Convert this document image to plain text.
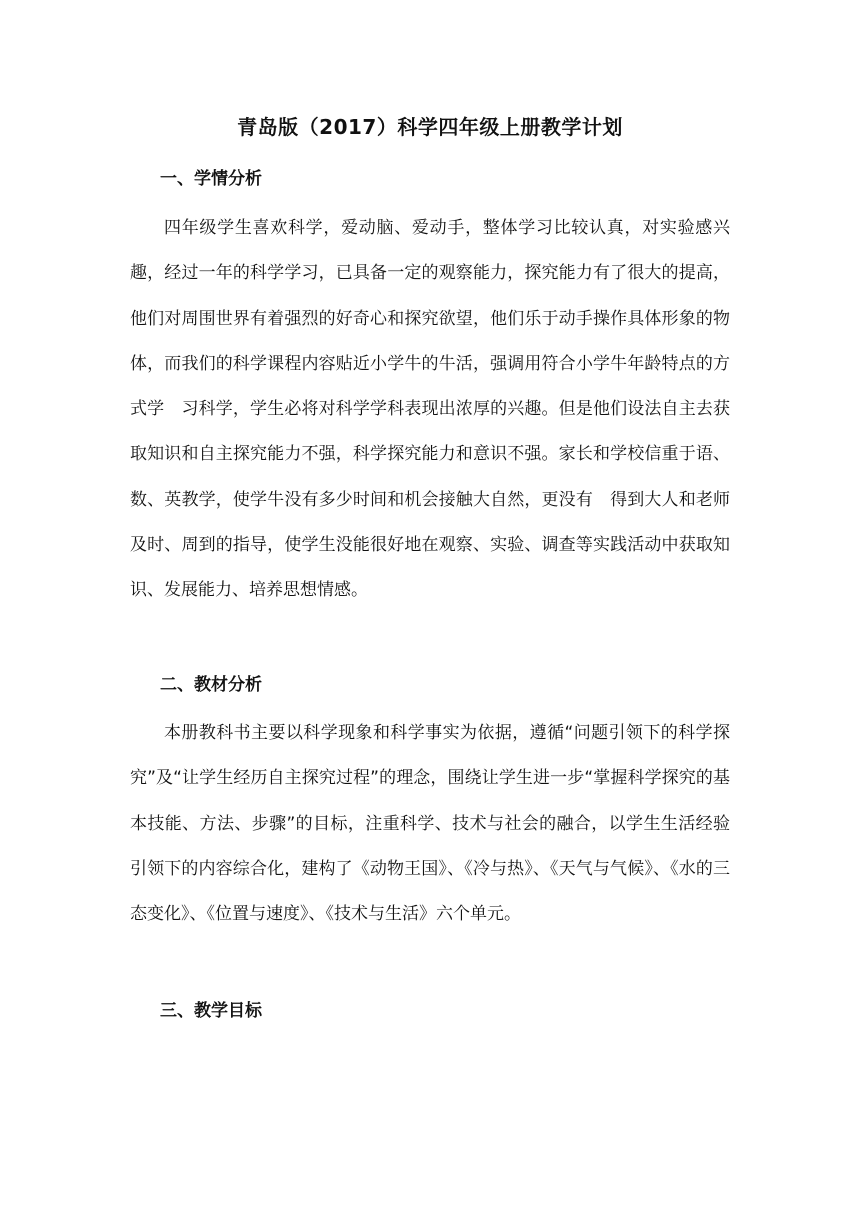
青岛版（2017）科学四年级上册教学计划
一、学情分析

四年级学生喜欢科学，爱动脑、爱动手，整体学习比较认真，对实验感兴趣，经过一年的科学学习，已具备一定的观察能力，探究能力有了很大的提高，他们对周围世界有着强烈的好奇心和探究欲望，他们乐于动手操作具体形象的物体，而我们的科学课程内容贴近小学牛的牛活，强调用符合小学牛年龄特点的方式学　习科学，学生必将对科学学科表现出浓厚的兴趣。但是他们设法自主去获取知识和自主探究能力不强，科学探究能力和意识不强。家长和学校信重于语、数、英教学，使学牛没有多少时间和机会接触大自然，更没有　得到大人和老师及时、周到的指导，使学生没能很好地在观察、实验、调查等实践活动中获取知识、发展能力、培养思想情感。

二、教材分析

本册教科书主要以科学现象和科学事实为依据，遵循“问题引领下的科学探究”及“让学生经历自主探究过程”的理念，围绕让学生进一步“掌握科学探究的基本技能、方法、步骤”的目标，注重科学、技术与社会的融合，以学生生活经验引领下的内容综合化，建构了《动物王国》、《冷与热》、《天气与气候》、《水的三态变化》、《位置与速度》、《技术与生活》六个单元。

三、教学目标
